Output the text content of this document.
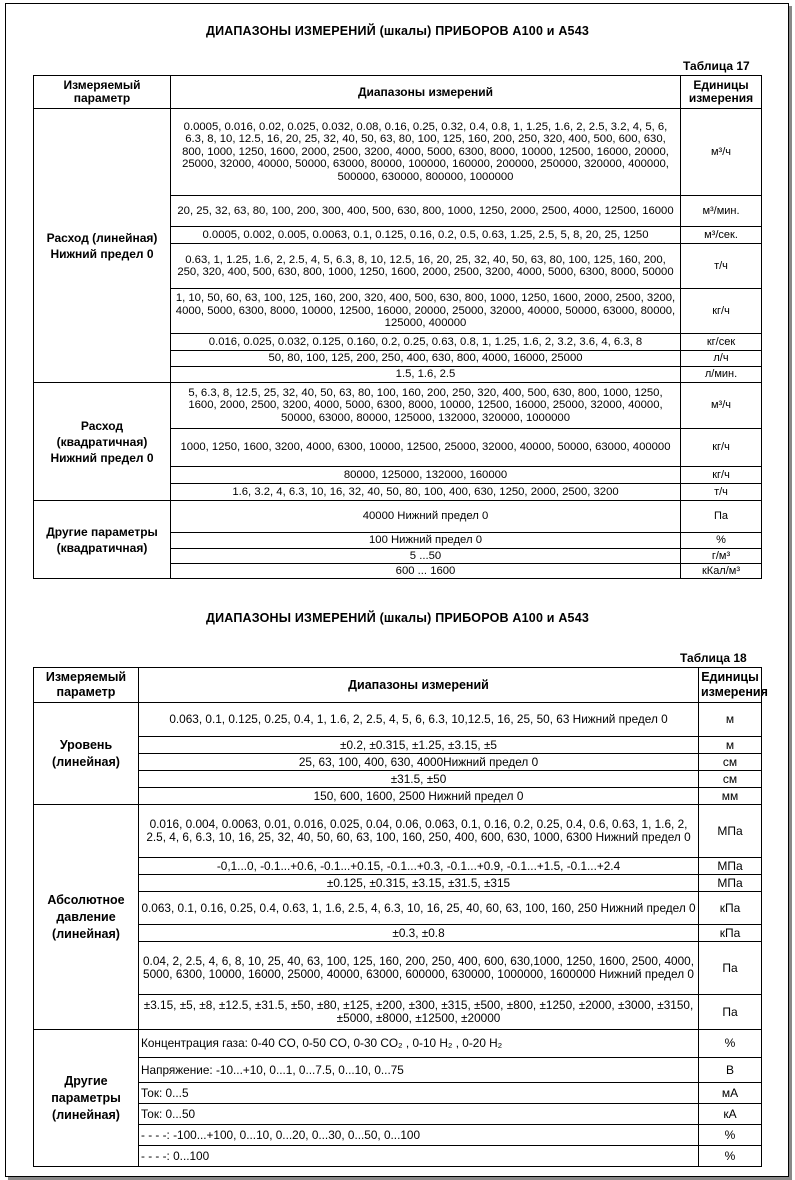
ДИАПАЗОНЫ ИЗМЕРЕНИЙ (шкалы) ПРИБОРОВ А100 и А543
Таблица 17
Измеряемый параметр	Диапазоны измерений	Единицы измерения
Расход (линейная) Нижний предел 0	0.0005, 0.016, 0.02, 0.025, 0.032, 0.08, 0.16, 0.25, 0.32, 0.4, 0.8, 1, 1.25, 1.6, 2, 2.5, 3.2, 4, 5, 6, 6.3, 8, 10, 12.5, 16, 20, 25, 32, 40, 50, 63, 80, 100, 125, 160, 200, 250, 320, 400, 500, 600, 630, 800, 1000, 1250, 1600, 2000, 2500, 3200, 4000, 5000, 6300, 8000, 10000, 12500, 16000, 20000, 25000, 32000, 40000, 50000, 63000, 80000, 100000, 160000, 200000, 250000, 320000, 400000, 500000, 630000, 800000, 1000000	м³/ч
	20, 25, 32, 63, 80, 100, 200, 300, 400, 500, 630, 800, 1000, 1250, 2000, 2500, 4000, 12500, 16000	м³/мин.
	0.0005, 0.002, 0.005, 0.0063, 0.1, 0.125, 0.16, 0.2, 0.5, 0.63, 1.25, 2.5, 5, 8, 20, 25, 1250	м³/сек.
	0.63, 1, 1.25, 1.6, 2, 2.5, 4, 5, 6.3, 8, 10, 12.5, 16, 20, 25, 32, 40, 50, 63, 80, 100, 125, 160, 200, 250, 320, 400, 500, 630, 800, 1000, 1250, 1600, 2000, 2500, 3200, 4000, 5000, 6300, 8000, 50000	т/ч
	1, 10, 50, 60, 63, 100, 125, 160, 200, 320, 400, 500, 630, 800, 1000, 1250, 1600, 2000, 2500, 3200, 4000, 5000, 6300, 8000, 10000, 12500, 16000, 20000, 25000, 32000, 40000, 50000, 63000, 80000, 125000, 400000	кг/ч
	0.016, 0.025, 0.032, 0.125, 0.160, 0.2, 0.25, 0.63, 0.8, 1, 1.25, 1.6, 2, 3.2, 3.6, 4, 6.3, 8	кг/сек
	50, 80, 100, 125, 200, 250, 400, 630, 800, 4000, 16000, 25000	л/ч
	1.5, 1.6, 2.5	л/мин.
Расход (квадратичная) Нижний предел 0	5, 6.3, 8, 12.5, 25, 32, 40, 50, 63, 80, 100, 160, 200, 250, 320, 400, 500, 630, 800, 1000, 1250, 1600, 2000, 2500, 3200, 4000, 5000, 6300, 8000, 10000, 12500, 16000, 25000, 32000, 40000, 50000, 63000, 80000, 125000, 132000, 320000, 1000000	м³/ч
	1000, 1250, 1600, 3200, 4000, 6300, 10000, 12500, 25000, 32000, 40000, 50000, 63000, 400000	кг/ч
	80000, 125000, 132000, 160000	кг/ч
	1.6, 3.2, 4, 6.3, 10, 16, 32, 40, 50, 80, 100, 400, 630, 1250, 2000, 2500, 3200	т/ч
Другие параметры (квадратичная)	40000 Нижний предел 0	Па
	100 Нижний предел 0	%
	5 ...50	г/м³
	600 ... 1600	кКал/м³
ДИАПАЗОНЫ ИЗМЕРЕНИЙ (шкалы) ПРИБОРОВ А100 и А543
Таблица 18
Измеряемый параметр	Диапазоны измерений	Единицы измерения
Уровень (линейная)	0.063, 0.1, 0.125, 0.25, 0.4, 1, 1.6, 2, 2.5, 4, 5, 6, 6.3, 10,12.5, 16, 25, 50, 63 Нижний предел 0	м
	±0.2, ±0.315, ±1.25, ±3.15, ±5	м
	25, 63, 100, 400, 630, 4000Нижний предел 0	см
	±31.5, ±50	см
	150, 600, 1600, 2500 Нижний предел 0	мм
Абсолютное давление (линейная)	0.016, 0.004, 0.0063, 0.01, 0.016, 0.025, 0.04, 0.06, 0.063, 0.1, 0.16, 0.2, 0.25, 0.4, 0.6, 0.63, 1, 1.6, 2, 2.5, 4, 6, 6.3, 10, 16, 25, 32, 40, 50, 60, 63, 100, 160, 250, 400, 600, 630, 1000, 6300 Нижний предел 0	МПа
	-0,1...0, -0.1...+0.6, -0.1...+0.15, -0.1...+0.3, -0.1...+0.9, -0.1...+1.5, -0.1...+2.4	МПа
	±0.125, ±0.315, ±3.15, ±31.5, ±315	МПа
	0.063, 0.1, 0.16, 0.25, 0.4, 0.63, 1, 1.6, 2.5, 4, 6.3, 10, 16, 25, 40, 60, 63, 100, 160, 250 Нижний предел 0	кПа
	±0.3, ±0.8	кПа
	0.04, 2, 2.5, 4, 6, 8, 10, 25, 40, 63, 100, 125, 160, 200, 250, 400, 600, 630,1000, 1250, 1600, 2500, 4000, 5000, 6300, 10000, 16000, 25000, 40000, 63000, 600000, 630000, 1000000, 1600000 Нижний предел 0	Па
	±3.15, ±5, ±8, ±12.5, ±31.5, ±50, ±80, ±125, ±200, ±300, ±315, ±500, ±800, ±1250, ±2000, ±3000, ±3150, ±5000, ±8000, ±12500, ±20000	Па
Другие параметры (линейная)	Концентрация газа: 0-40 CO, 0-50 CO, 0-30 CO₂ , 0-10 H₂ , 0-20 H₂	%
	Напряжение: -10...+10, 0...1, 0...7.5, 0...10, 0...75	В
	Ток: 0...5	мА
	Ток: 0...50	кА
	- - - -: -100...+100, 0...10, 0...20, 0...30, 0...50, 0...100	%
	- - - -: 0...100	%
